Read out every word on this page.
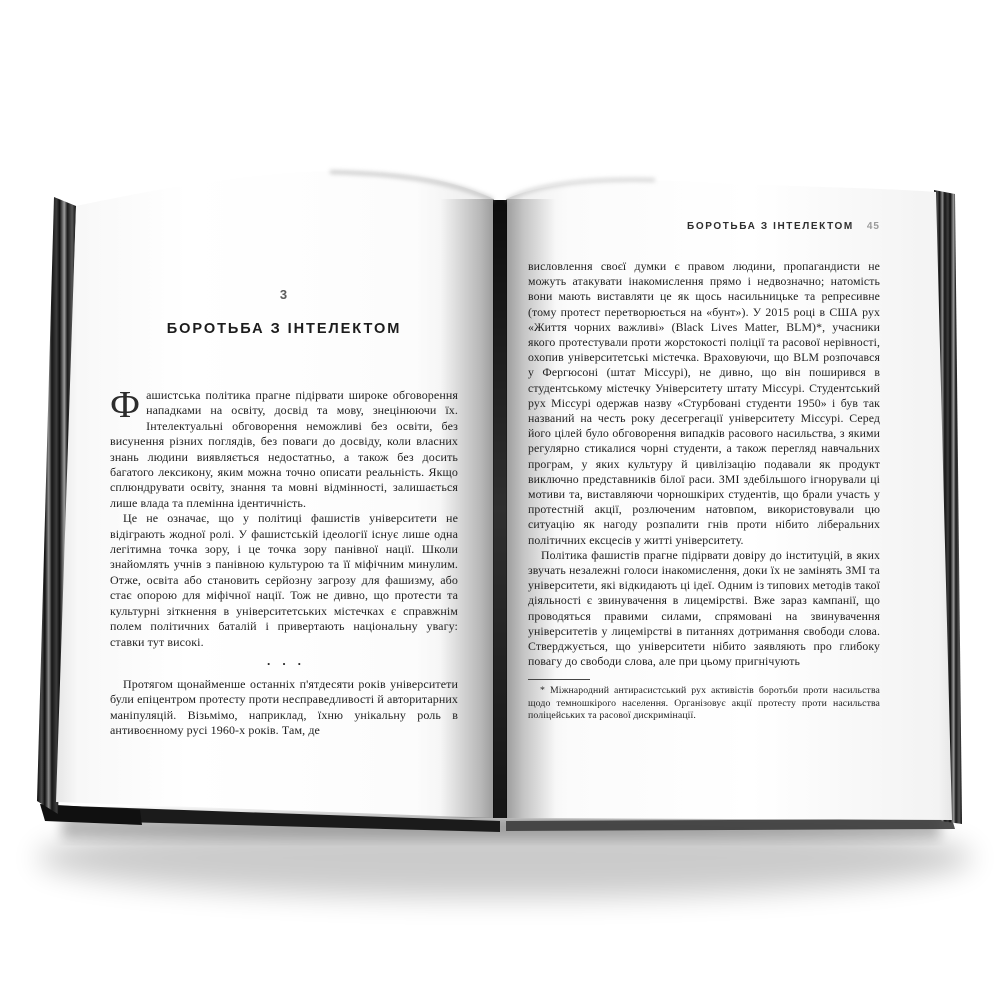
3
БОРОТЬБА З ІНТЕЛЕКТОМ

Фашистська політика прагне підірвати широке обговорення нападками на освіту, досвід та мову, знецінюючи їх. Інтелектуальні обговорення неможливі без освіти, без висунення різних поглядів, без поваги до досвіду, коли власних знань людини виявляється недостатньо, а також без досить багатого лексикону, яким можна точно описати реальність. Якщо сплюндрувати освіту, знання та мовні відмінності, залишається лише влада та племінна ідентичність.

Це не означає, що у політиці фашистів університети не відіграють жодної ролі. У фашистській ідеології існує лише одна легітимна точка зору, і це точка зору панівної нації. Школи знайомлять учнів з панівною культурою та її міфічним минулим. Отже, освіта або становить серйозну загрозу для фашизму, або стає опорою для міфічної нації. Тож не дивно, що протести та культурні зіткнення в університетських містечках є справжнім полем політичних баталій і привертають національну увагу: ставки тут високі.

···

Протягом щонайменше останніх п'ятдесяти років університети були епіцентром протесту проти несправедливості й авторитарних маніпуляцій. Візьмімо, наприклад, їхню унікальну роль в антивоєнному русі 1960-х років. Там, де

БОРОТЬБА З ІНТЕЛЕКТОМ 45

висловлення своєї думки є правом людини, пропагандисти не можуть атакувати інакомислення прямо і недвозначно; натомість вони мають виставляти це як щось насильницьке та репресивне (тому протест перетворюється на «бунт»). У 2015 році в США рух «Життя чорних важливі» (Black Lives Matter, BLM)*, учасники якого протестували проти жорстокості поліції та расової нерівності, охопив університетські містечка. Враховуючи, що BLM розпочався у Фергюсоні (штат Міссурі), не дивно, що він поширився в студентському містечку Університету штату Міссурі. Студентський рух Міссурі одержав назву «Стурбовані студенти 1950» і був так названий на честь року десегрегації університету Міссурі. Серед його цілей було обговорення випадків расового насильства, з якими регулярно стикалися чорні студенти, а також перегляд навчальних програм, у яких культуру й цивілізацію подавали як продукт виключно представників білої раси. ЗМІ здебільшого ігнорували ці мотиви та, виставляючи чорношкірих студентів, що брали участь у протестній акції, розлюченим натовпом, використовували цю ситуацію як нагоду розпалити гнів проти нібито ліберальних політичних ексцесів у житті університету.

Політика фашистів прагне підірвати довіру до інституцій, в яких звучать незалежні голоси інакомислення, доки їх не замінять ЗМІ та університети, які відкидають ці ідеї. Одним із типових методів такої діяльності є звинувачення в лицемірстві. Вже зараз кампанії, що проводяться правими силами, спрямовані на звинувачення університетів у лицемірстві в питаннях дотримання свободи слова. Стверджується, що університети нібито заявляють про глибоку повагу до свободи слова, але при цьому пригнічують

* Міжнародний антирасистський рух активістів боротьби проти насильства щодо темношкірого населення. Організовує акції протесту проти насильства поліцейських та расової дискримінації.
